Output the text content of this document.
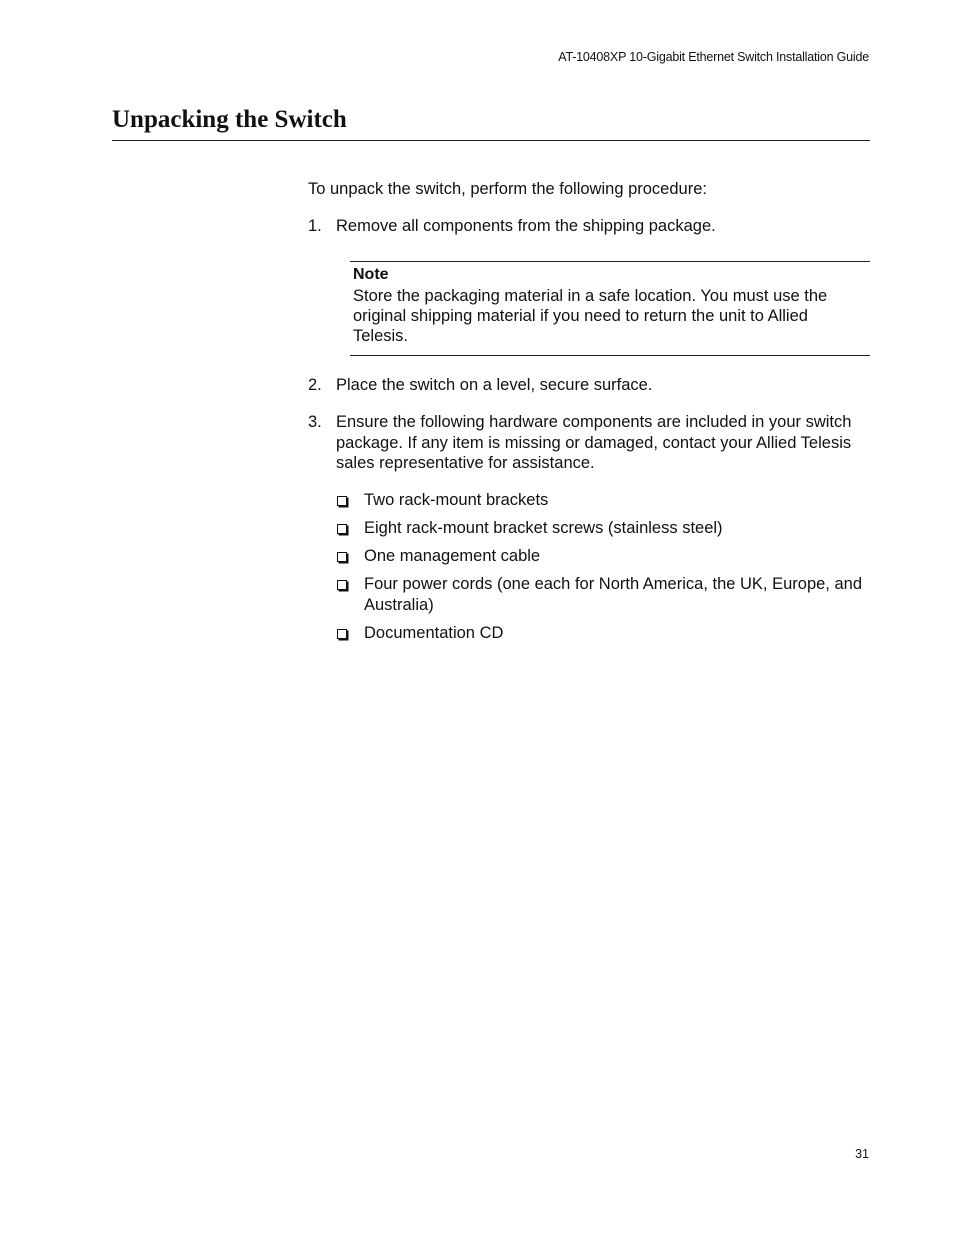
AT-10408XP 10-Gigabit Ethernet Switch Installation Guide
Unpacking the Switch
To unpack the switch, perform the following procedure:
1. Remove all components from the shipping package.
Note
Store the packaging material in a safe location. You must use the original shipping material if you need to return the unit to Allied Telesis.
2. Place the switch on a level, secure surface.
3. Ensure the following hardware components are included in your switch package. If any item is missing or damaged, contact your Allied Telesis sales representative for assistance.
Two rack-mount brackets
Eight rack-mount bracket screws (stainless steel)
One management cable
Four power cords (one each for North America, the UK, Europe, and Australia)
Documentation CD
31
